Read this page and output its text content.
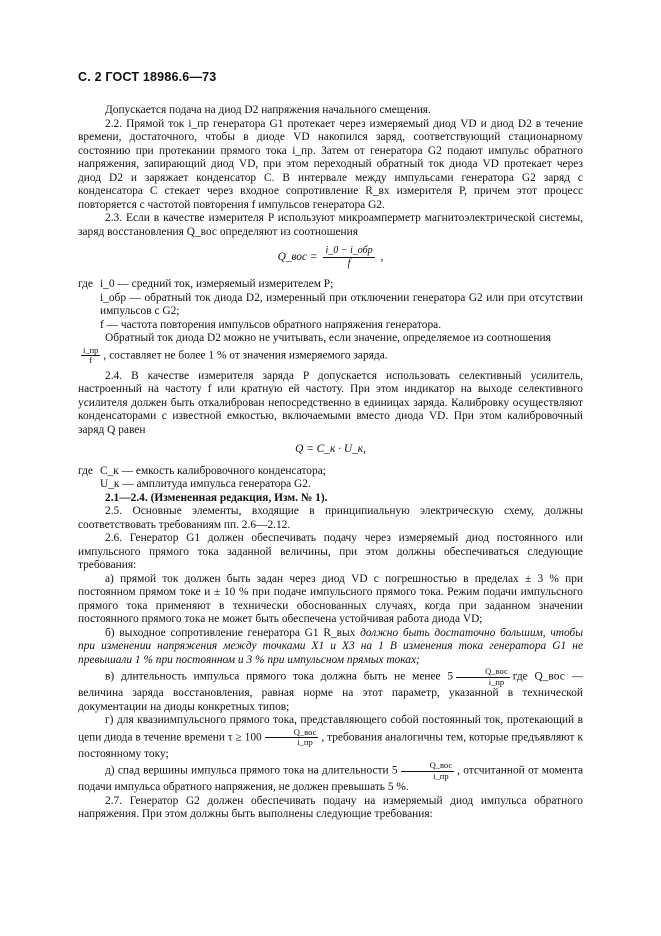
С. 2 ГОСТ 18986.6—73

Допускается подача на диод D2 напряжения начального смещения.

2.2. Прямой ток i_пр генератора G1 протекает через измеряемый диод VD и диод D2 в течение времени, достаточного, чтобы в диоде VD накопился заряд, соответствующий стационарному состоянию при протекании прямого тока i_пр. Затем от генератора G2 подают импульс обратного напряжения, запирающий диод VD, при этом переходный обратный ток диода VD протекает через диод D2 и заряжает конденсатор C. В интервале между импульсами генератора G2 заряд с конденсатора C стекает через входное сопротивление R_вх измерителя P, причем этот процесс повторяется с частотой повторения f импульсов генератора G2.

2.3. Если в качестве измерителя P используют микроамперметр магнитоэлектрической системы, заряд восстановления Q_вос определяют из соотношения

Q_вос = $\frac{\text{i\_0 − i\_обр}}{f}$ ,
где	i_0 — средний ток, измеряемый измерителем P;
	i_обр — обратный ток диода D2, измеренный при отключении генератора G2 или при отсутствии импульсов с G2;
	f — частота повторения импульсов обратного напряжения генератора.

Обратный ток диода D2 можно не учитывать, если значение, определяемое из соотношения

$\frac{i\_пр}{f}$ , составляет не более 1 % от значения измеряемого заряда.

2.4. В качестве измерителя заряда P допускается использовать селективный усилитель, настроенный на частоту f или кратную ей частоту. При этом индикатор на выходе селективного усилителя должен быть откалиброван непосредственно в единицах заряда. Калибровку осуществляют конденсаторами с известной емкостью, включаемыми вместо диода VD. При этом калибровочный заряд Q равен

Q = C_к · U_к,
где	C_к — емкость калибровочного конденсатора;
	U_к — амплитуда импульса генератора G2.

2.1—2.4. (Измененная редакция, Изм. № 1).

2.5. Основные элементы, входящие в принципиальную электрическую схему, должны соответствовать требованиям пп. 2.6—2.12.

2.6. Генератор G1 должен обеспечивать подачу через измеряемый диод постоянного или импульсного прямого тока заданной величины, при этом должны обеспечиваться следующие требования:

а) прямой ток должен быть задан через диод VD с погрешностью в пределах ± 3 % при постоянном прямом токе и ± 10 % при подаче импульсного прямого тока. Режим подачи импульсного прямого тока применяют в технически обоснованных случаях, когда при заданном значении постоянного прямого тока не может быть обеспечена устойчивая работа диода VD;

б) выходное сопротивление генератора G1 R_вых должно быть достаточно большим, чтобы при изменении напряжения между точками X1 и X3 на 1 В изменения тока генератора G1 не превышали 1 % при постоянном и 3 % при импульсном прямых токах;

в) длительность импульса прямого тока должна быть не менее $5 \frac{\text{Q\_вос}}{i\_пр}$ где Q_вос — величина заряда восстановления, равная норме на этот параметр, указанной в технической документации на диоды конкретных типов;

г) для квазиимпульсного прямого тока, представляющего собой постоянный ток, протекающий в цепи диода в течение времени $\tau \ge 100 \frac{\text{Q\_вос}}{i\_пр}$ , требования аналогичны тем, которые предъявляют к постоянному току;

д) спад вершины импульса прямого тока на длительности $5 \frac{\text{Q\_вос}}{i\_пр}$ , отсчитанной от момента подачи импульса обратного напряжения, не должен превышать 5 %.

2.7. Генератор G2 должен обеспечивать подачу на измеряемый диод импульса обратного напряжения. При этом должны быть выполнены следующие требования:
